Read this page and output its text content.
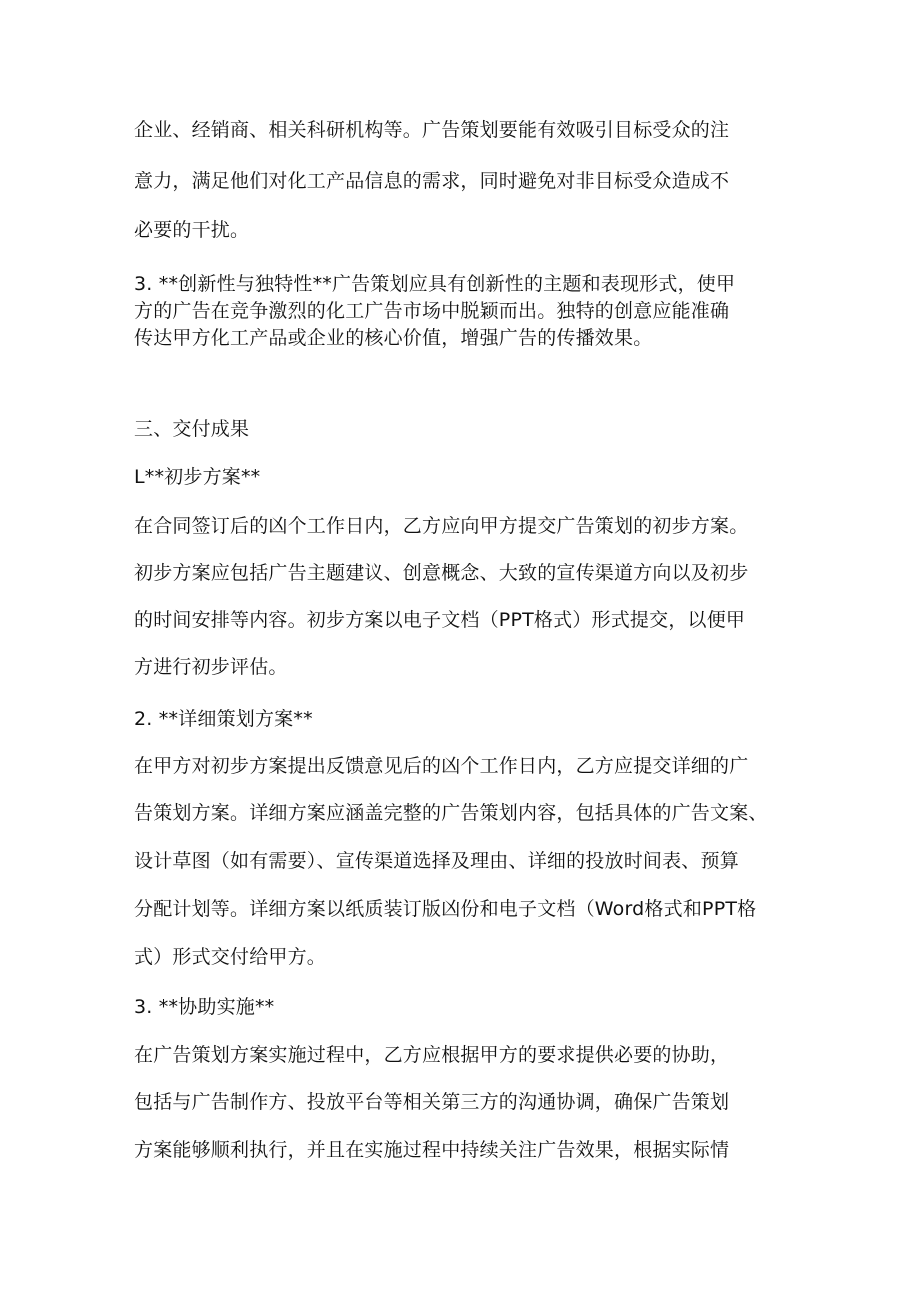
企业、经销商、相关科研机构等。广告策划要能有效吸引目标受众的注
意力，满足他们对化工产品信息的需求，同时避免对非目标受众造成不
必要的干扰。
3. **创新性与独特性**广告策划应具有创新性的主题和表现形式，使甲
方的广告在竞争激烈的化工广告市场中脱颖而出。独特的创意应能准确
传达甲方化工产品或企业的核心价值，增强广告的传播效果。
三、交付成果
L**初步方案**
在合同签订后的凶个工作日内，乙方应向甲方提交广告策划的初步方案。
初步方案应包括广告主题建议、创意概念、大致的宣传渠道方向以及初步
的时间安排等内容。初步方案以电子文档（PPT格式）形式提交，以便甲
方进行初步评估。
2. **详细策划方案**
在甲方对初步方案提出反馈意见后的凶个工作日内，乙方应提交详细的广
告策划方案。详细方案应涵盖完整的广告策划内容，包括具体的广告文案、
设计草图（如有需要）、宣传渠道选择及理由、详细的投放时间表、预算
分配计划等。详细方案以纸质装订版凶份和电子文档（Word格式和PPT格
式）形式交付给甲方。
3. **协助实施**
在广告策划方案实施过程中，乙方应根据甲方的要求提供必要的协助，
包括与广告制作方、投放平台等相关第三方的沟通协调，确保广告策划
方案能够顺利执行，并且在实施过程中持续关注广告效果，根据实际情
